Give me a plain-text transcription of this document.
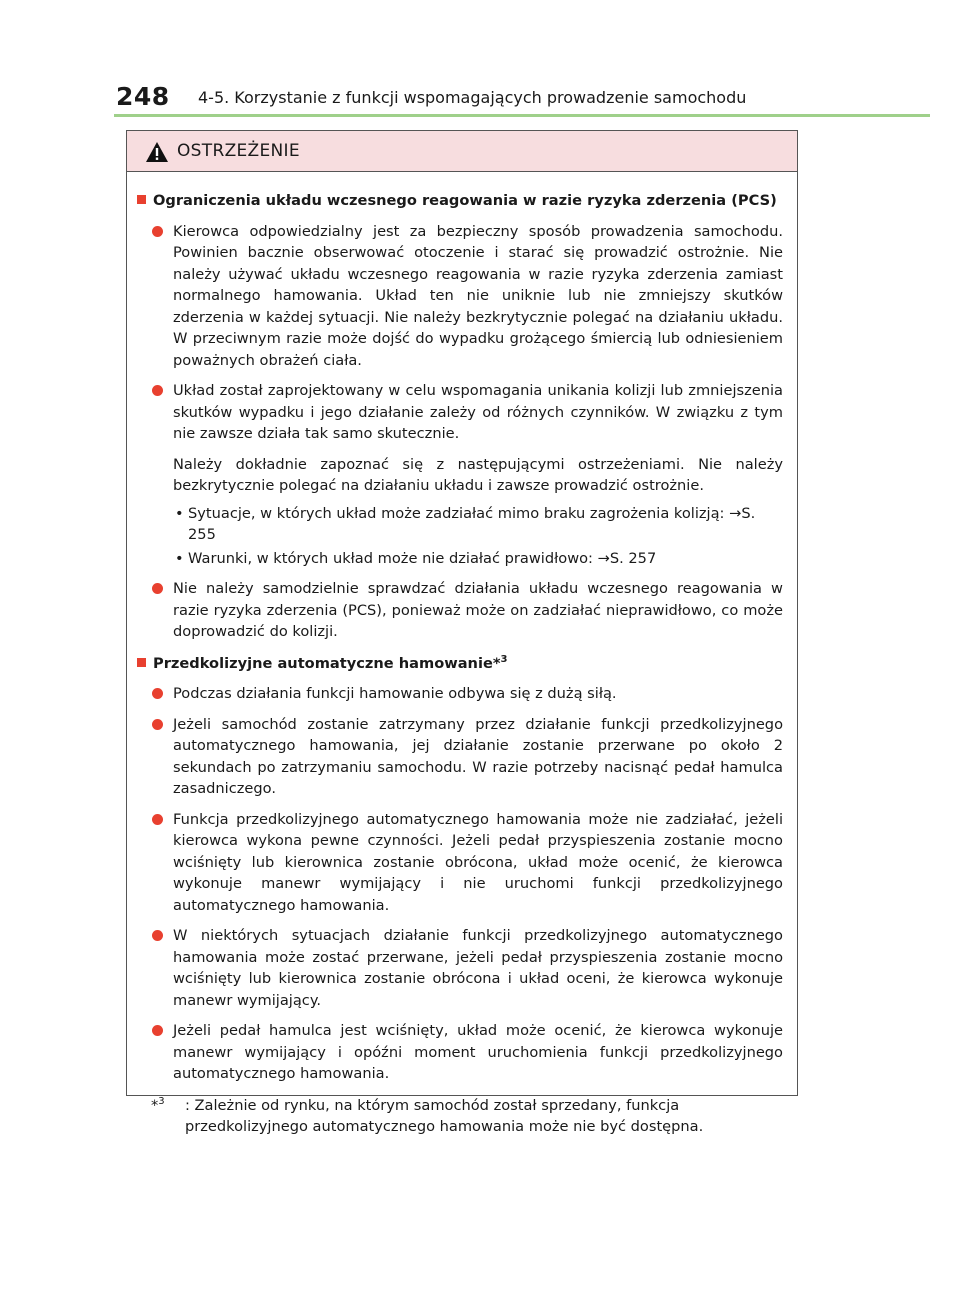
248 4-5. Korzystanie z funkcji wspomagających prowadzenie samochodu
OSTRZEŻENIE
Ograniczenia układu wczesnego reagowania w razie ryzyka zderzenia (PCS)
Kierowca odpowiedzialny jest za bezpieczny sposób prowadzenia samochodu. Powinien bacznie obserwować otoczenie i starać się prowadzić ostrożnie. Nie należy używać układu wczesnego reagowania w razie ryzyka zderzenia zamiast normalnego hamowania. Układ ten nie uniknie lub nie zmniejszy skutków zderzenia w każdej sytuacji. Nie należy bezkrytycznie polegać na działaniu układu. W przeciwnym razie może dojść do wypadku grożącego śmiercią lub odniesieniem poważnych obrażeń ciała.
Układ został zaprojektowany w celu wspomagania unikania kolizji lub zmniejszenia skutków wypadku i jego działanie zależy od różnych czynników. W związku z tym nie zawsze działa tak samo skutecznie.
Należy dokładnie zapoznać się z następującymi ostrzeżeniami. Nie należy bezkrytycznie polegać na działaniu układu i zawsze prowadzić ostrożnie.
• Sytuacje, w których układ może zadziałać mimo braku zagrożenia kolizją: →S. 255
• Warunki, w których układ może nie działać prawidłowo: →S. 257
Nie należy samodzielnie sprawdzać działania układu wczesnego reagowania w razie ryzyka zderzenia (PCS), ponieważ może on zadziałać nieprawidłowo, co może doprowadzić do kolizji.
Przedkolizyjne automatyczne hamowanie*$^3$
Podczas działania funkcji hamowanie odbywa się z dużą siłą.
Jeżeli samochód zostanie zatrzymany przez działanie funkcji przedkolizyjnego automatycznego hamowania, jej działanie zostanie przerwane po około 2 sekundach po zatrzymaniu samochodu. W razie potrzeby nacisnąć pedał hamulca zasadniczego.
Funkcja przedkolizyjnego automatycznego hamowania może nie zadziałać, jeżeli kierowca wykona pewne czynności. Jeżeli pedał przyspieszenia zostanie mocno wciśnięty lub kierownica zostanie obrócona, układ może ocenić, że kierowca wykonuje manewr wymijający i nie uruchomi funkcji przedkolizyjnego automatycznego hamowania.
W niektórych sytuacjach działanie funkcji przedkolizyjnego automatycznego hamowania może zostać przerwane, jeżeli pedał przyspieszenia zostanie mocno wciśnięty lub kierownica zostanie obrócona i układ oceni, że kierowca wykonuje manewr wymijający.
Jeżeli pedał hamulca jest wciśnięty, układ może ocenić, że kierowca wykonuje manewr wymijający i opóźni moment uruchomienia funkcji przedkolizyjnego automatycznego hamowania.
*$^3$ : Zależnie od rynku, na którym samochód został sprzedany, funkcja przedkolizyjnego automatycznego hamowania może nie być dostępna.
